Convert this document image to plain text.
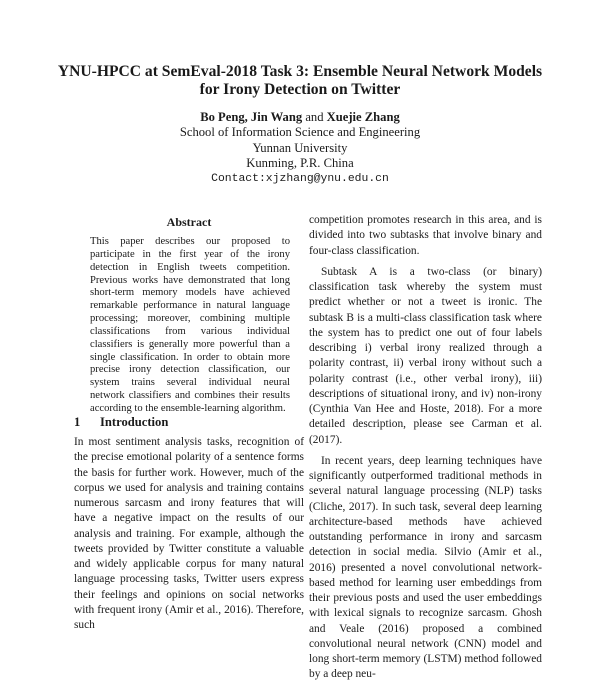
YNU-HPCC at SemEval-2018 Task 3: Ensemble Neural Network Models
for Irony Detection on Twitter
Bo Peng, Jin Wang and Xuejie Zhang
School of Information Science and Engineering
Yunnan University
Kunming, P.R. China
Contact:xjzhang@ynu.edu.cn
Abstract

This paper describes our proposed to participate in the first year of the irony detection in English tweets competition. Previous works have demonstrated that long short-term memory models have achieved remarkable performance in natural language processing; moreover, combining multiple classifications from various individual classifiers is generally more powerful than a single classification. In order to obtain more precise irony detection classification, our system trains several individual neural network classifiers and combines their results according to the ensemble-learning algorithm.

1 Introduction

In most sentiment analysis tasks, recognition of the precise emotional polarity of a sentence forms the basis for further work. However, much of the corpus we used for analysis and training contains numerous sarcasm and irony features that will have a negative impact on the results of our analysis and training. For example, although the tweets provided by Twitter constitute a valuable and widely applicable corpus for many natural language processing tasks, Twitter users express their feelings and opinions on social networks with frequent irony (Amir et al., 2016). Therefore, such

competition promotes research in this area, and is divided into two subtasks that involve binary and four-class classification.

Subtask A is a two-class (or binary) classification task whereby the system must predict whether or not a tweet is ironic. The subtask B is a multi-class classification task where the system has to predict one out of four labels describing i) verbal irony realized through a polarity contrast, ii) verbal irony without such a polarity contrast (i.e., other verbal irony), iii) descriptions of situational irony, and iv) non-irony (Cynthia Van Hee and Hoste, 2018). For a more detailed description, please see Carman et al. (2017).

In recent years, deep learning techniques have significantly outperformed traditional methods in several natural language processing (NLP) tasks (Cliche, 2017). In such task, several deep learning architecture-based methods have achieved outstanding performance in irony and sarcasm detection in social media. Silvio (Amir et al., 2016) presented a novel convolutional network-based method for learning user embeddings from their previous posts and used the user embeddings with lexical signals to recognize sarcasm. Ghosh and Veale (2016) proposed a combined convolutional neural network (CNN) model and long short-term memory (LSTM) method followed by a deep neu-
